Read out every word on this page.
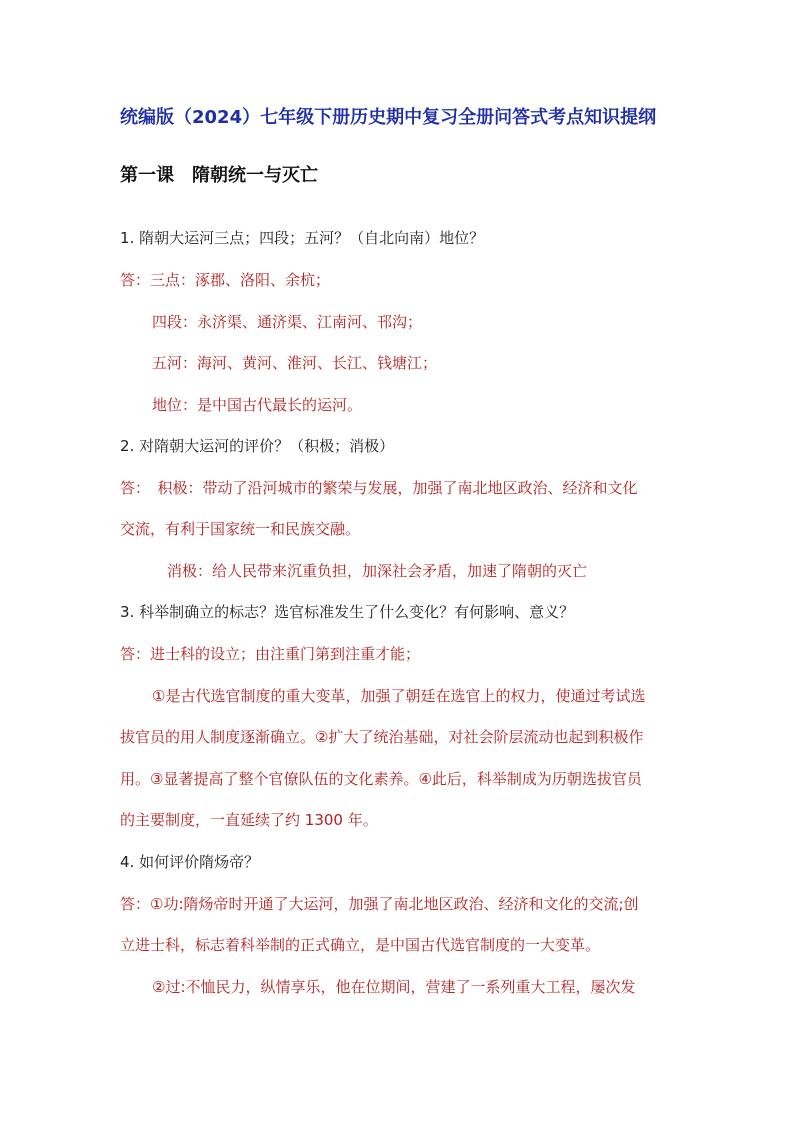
统编版（2024）七年级下册历史期中复习全册问答式考点知识提纲
第一课　隋朝统一与灭亡
1. 隋朝大运河三点；四段；五河？（自北向南）地位？
答：三点：涿郡、洛阳、余杭；
四段：永济渠、通济渠、江南河、邗沟；
五河：海河、黄河、淮河、长江、钱塘江；
地位：是中国古代最长的运河。
2. 对隋朝大运河的评价？（积极；消极）
答：　积极：带动了沿河城市的繁荣与发展，加强了南北地区政治、经济和文化
交流，有利于国家统一和民族交融。
消极：给人民带来沉重负担，加深社会矛盾，加速了隋朝的灭亡
3. 科举制确立的标志？选官标准发生了什么变化？有何影响、意义？
答：进士科的设立；由注重门第到注重才能；
①是古代选官制度的重大变革，加强了朝廷在选官上的权力，使通过考试选
拔官员的用人制度逐渐确立。②扩大了统治基础，对社会阶层流动也起到积极作
用。③显著提高了整个官僚队伍的文化素养。④此后，科举制成为历朝选拔官员
的主要制度，一直延续了约 1300 年。
4. 如何评价隋炀帝？
答：①功:隋炀帝时开通了大运河，加强了南北地区政治、经济和文化的交流;创
立进士科，标志着科举制的正式确立，是中国古代选官制度的一大变革。
②过:不恤民力，纵情享乐，他在位期间，营建了一系列重大工程，屡次发
